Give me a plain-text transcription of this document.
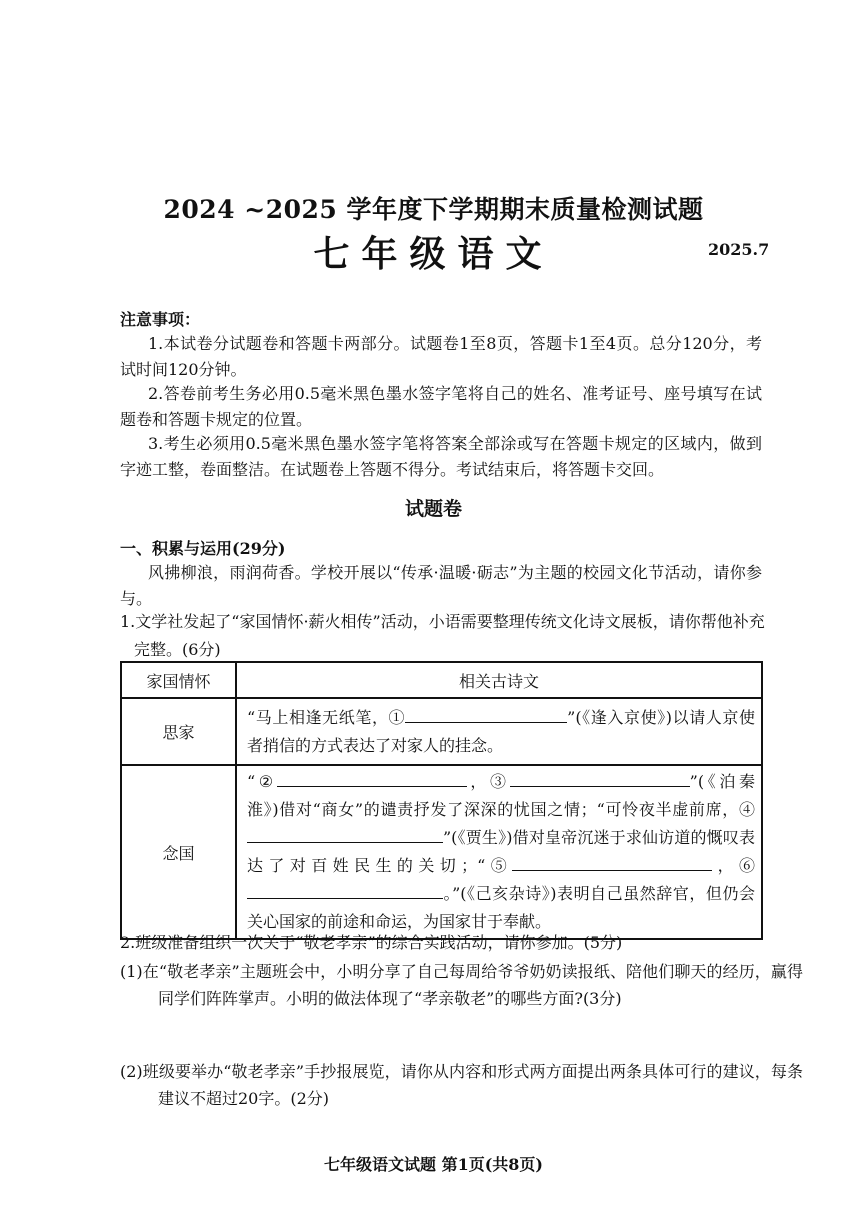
2024 ~2025 学年度下学期期末质量检测试题
七年级语文	2025.7
注意事项：
1.本试卷分试题卷和答题卡两部分。试题卷1至8页，答题卡1至4页。总分120分，考试时间120分钟。
2.答卷前考生务必用0.5毫米黑色墨水签字笔将自己的姓名、准考证号、座号填写在试题卷和答题卡规定的位置。
3.考生必须用0.5毫米黑色墨水签字笔将答案全部涂或写在答题卡规定的区域内，做到字迹工整，卷面整洁。在试题卷上答题不得分。考试结束后，将答题卡交回。
试题卷
一、积累与运用(29分)
风拂柳浪，雨润荷香。学校开展以“传承·温暖·砺志”为主题的校园文化节活动，请你参与。
1.文学社发起了“家国情怀·薪火相传”活动，小语需要整理传统文化诗文展板，请你帮他补充完整。(6分)
家国情怀	相关古诗文
思家	“马上相逢无纸笔，① ”(《逢入京使》)以请人京使者捎信的方式表达了对家人的挂念。
念国	“② ，③ ”(《泊秦淮》)借对“商女”的谴责抒发了深深的忧国之情；“可怜夜半虚前席，④”(《贾生》)借对皇帝沉迷于求仙访道的慨叹表达了对百姓民生的关切；“⑤ ，⑥。”(《己亥杂诗》)表明自己虽然辞官，但仍会关心国家的前途和命运，为国家甘于奉献。
2.班级准备组织一次关于“敬老孝亲”的综合实践活动，请你参加。(5分)
(1)在“敬老孝亲”主题班会中，小明分享了自己每周给爷爷奶奶读报纸、陪他们聊天的经历，赢得同学们阵阵掌声。小明的做法体现了“孝亲敬老”的哪些方面?(3分)
(2)班级要举办“敬老孝亲”手抄报展览，请你从内容和形式两方面提出两条具体可行的建议，每条建议不超过20字。(2分)
七年级语文试题 第1页(共8页)
